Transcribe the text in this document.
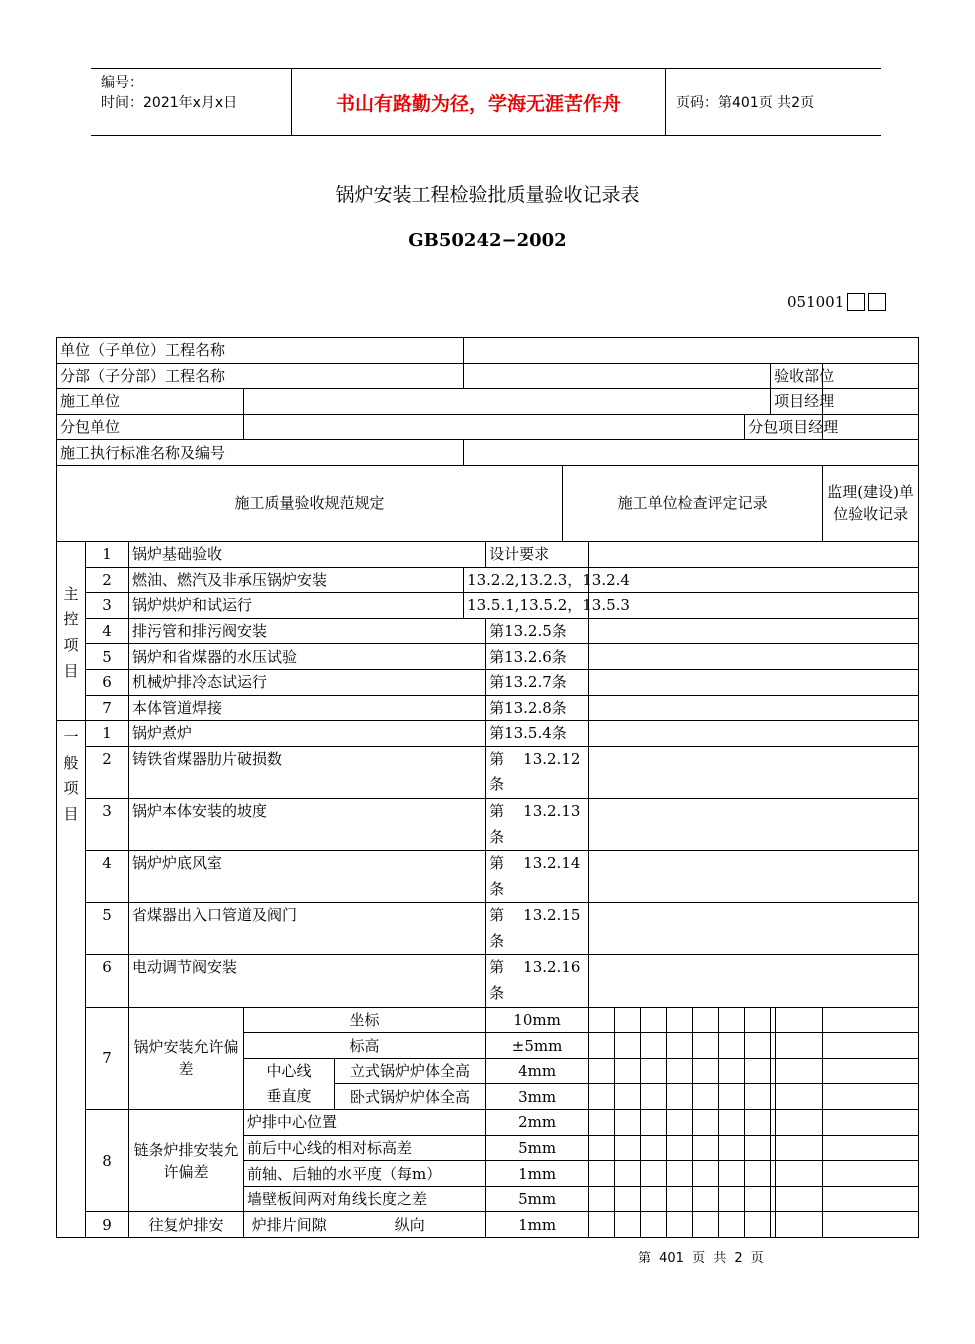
编号：
时间：2021年x月x日	书山有路勤为径，学海无涯苦作舟	页码：第401页 共2页
锅炉安装工程检验批质量验收记录表
GB50242−2002
051001
单位（子单位）工程名称																		
分部（子分部）工程名称															验收部位			
施工单位															项目经理			
分包单位														分包项目经理				
施工执行标准名称及编号																		
施工质量验收规范规定							施工单位检查评定记录										监理(建设)单位验收记录	
主控项目	1	锅炉基础验收				设计要求												
	2	燃油、燃汽及非承压锅炉安装			13.2.2,13.2.3，13.2.4													
	3	锅炉烘炉和试运行			13.5.1,13.5.2，13.5.3													
	4	排污管和排污阀安装				第13.2.5条												
	5	锅炉和省煤器的水压试验				第13.2.6条												
	6	机械炉排冷态试运行				第13.2.7条												
	7	本体管道焊接				第13.2.8条												
一般项目	1	锅炉煮炉				第13.5.4条												
	2	铸铁省煤器肋片破损数				第    13.2.12 条												
	3	锅炉本体安装的坡度				第    13.2.13 条												
	4	锅炉炉底风室				第    13.2.14 条												
	5	省煤器出入口管道及阀门				第    13.2.15 条												
	6	电动调节阀安装				第    13.2.16 条												
	7	锅炉安装允许偏差	坐标			10mm												
			标高			±5mm												
			中心线	立式锅炉炉体全高		4mm												
			垂直度	卧式锅炉炉体全高		3mm												
	8	链条炉排安装允许偏差	炉排中心位置			2mm												
			前后中心线的相对标高差			5mm												
			前轴、后轴的水平度（每m）			1mm												
			墙壁板间两对角线长度之差			5mm												
	9	往复炉排安	炉排片间隙	纵向		1mm												
第 401 页 共 2 页
